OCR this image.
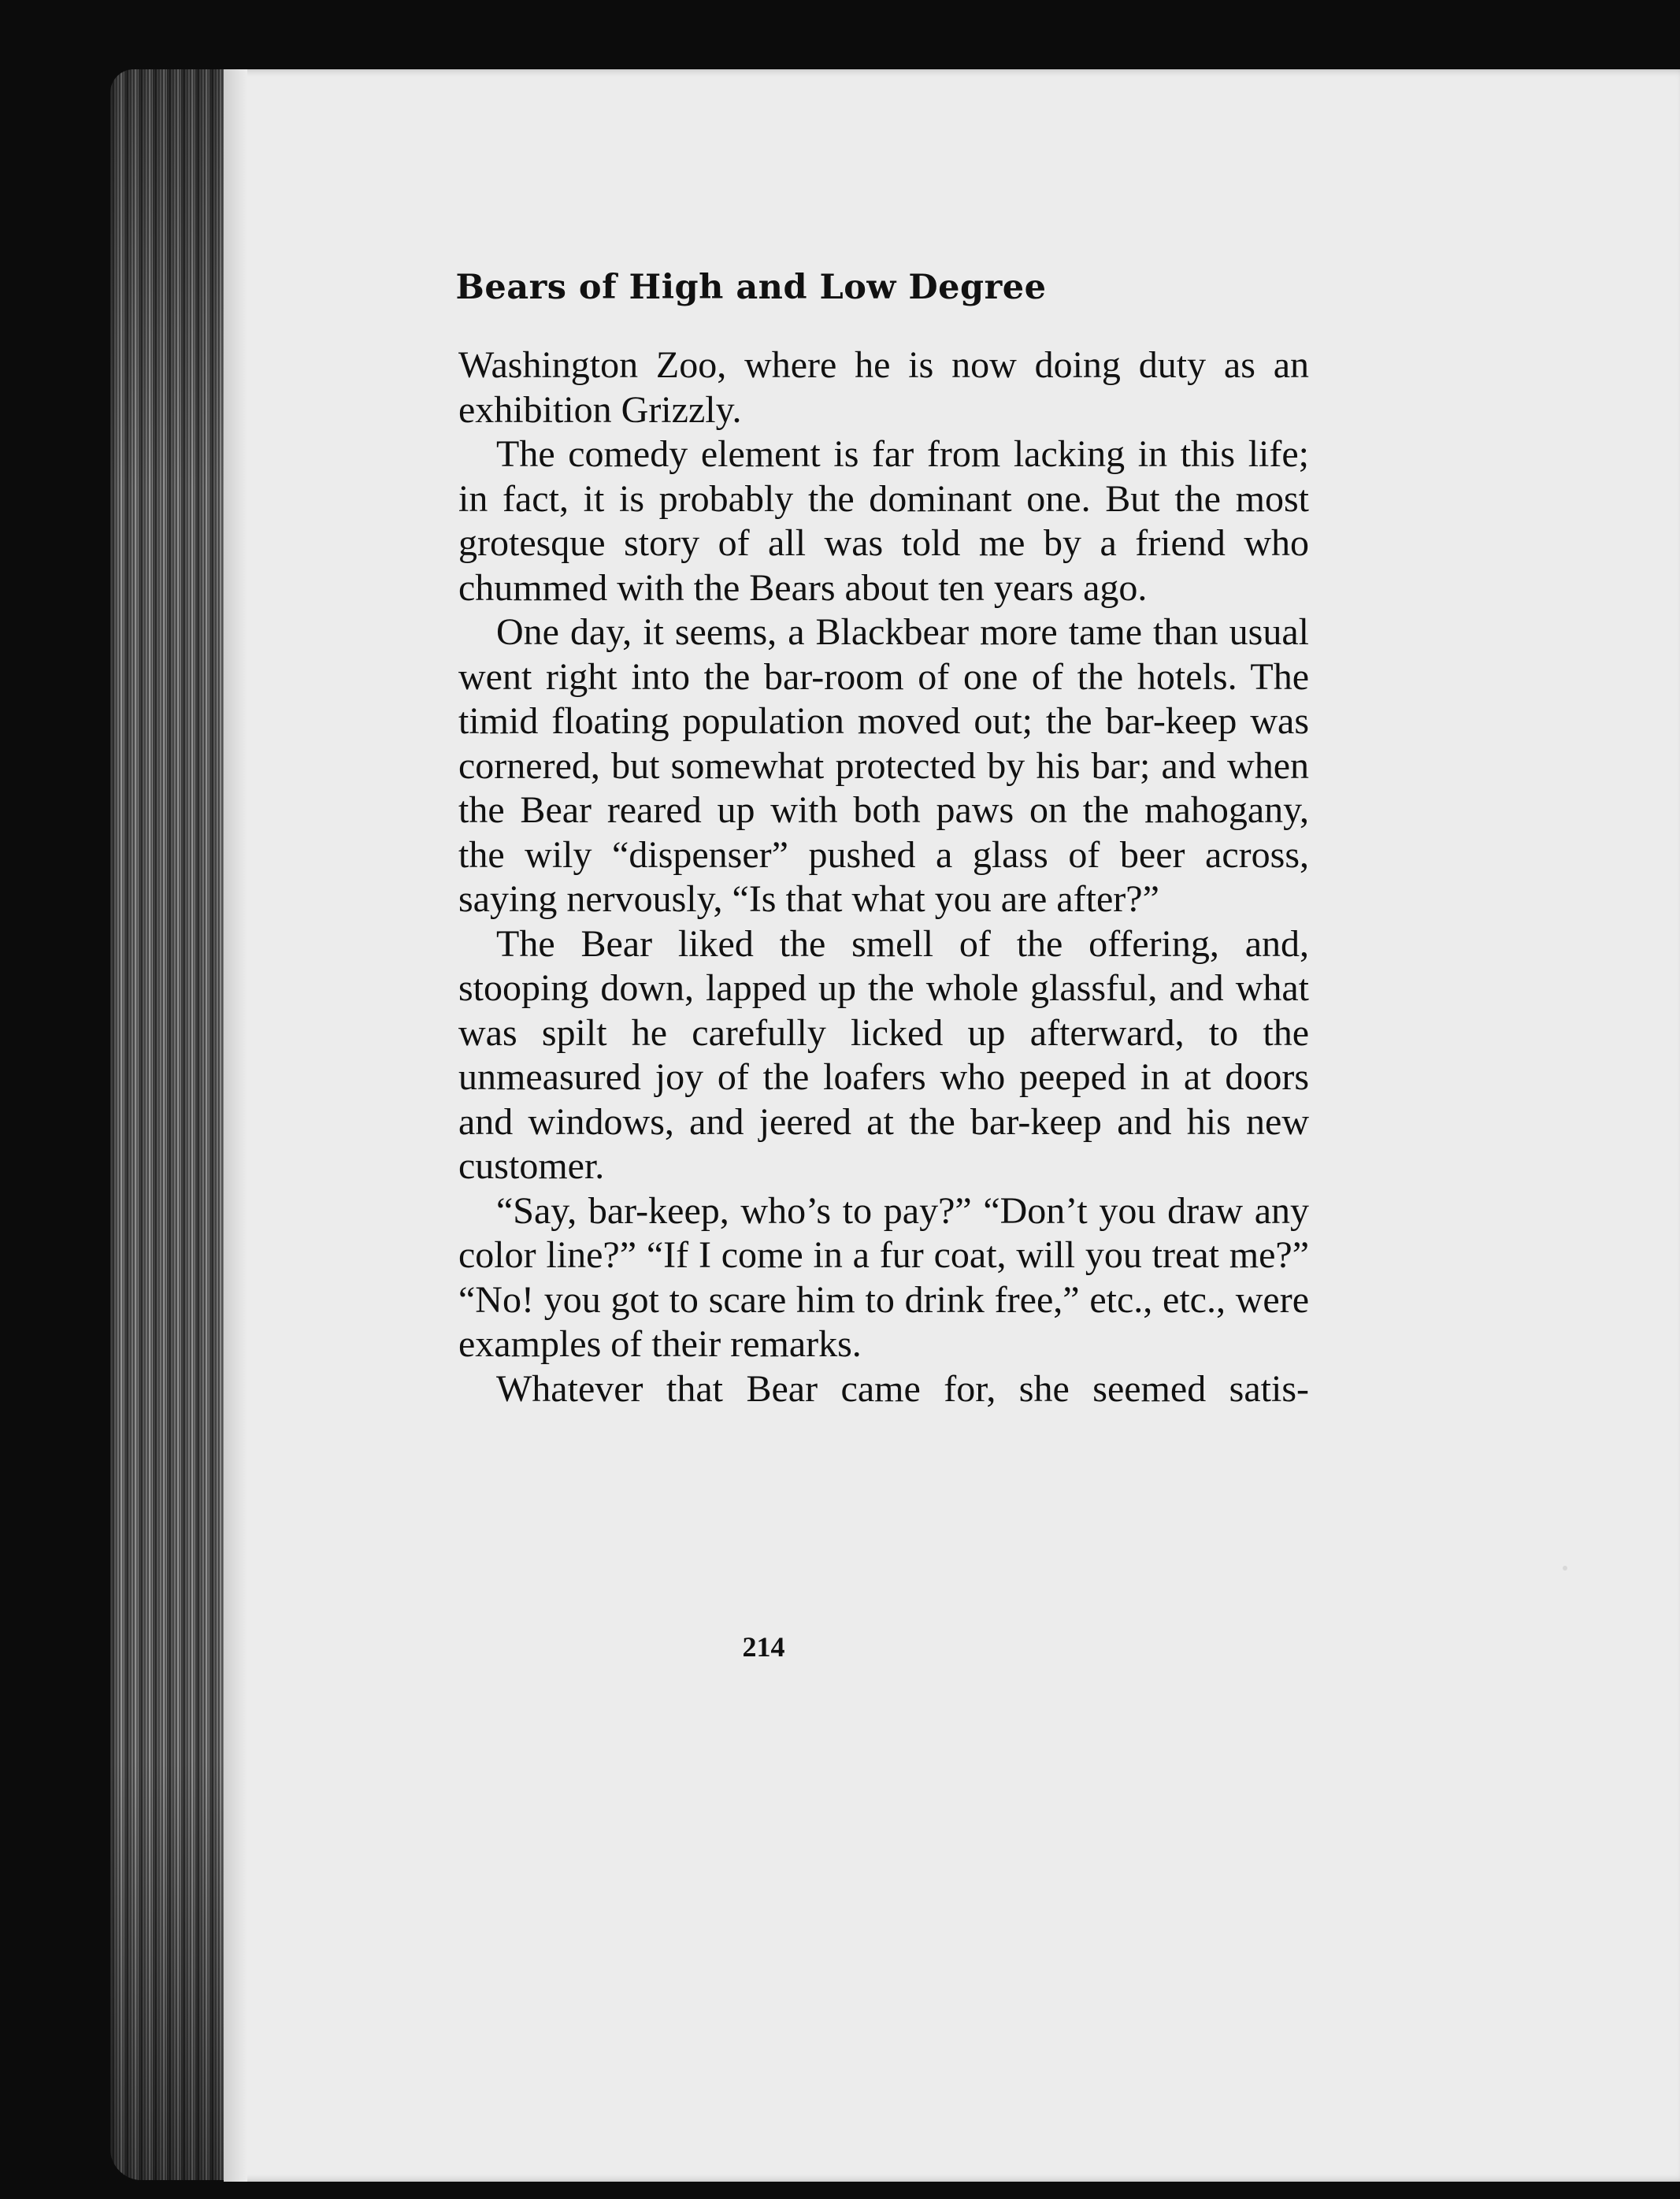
Bears of High and Low Degree

Washington Zoo, where he is now doing duty as an exhibition Grizzly.

The comedy element is far from lacking in this life; in fact, it is probably the dominant one. But the most grotesque story of all was told me by a friend who chummed with the Bears about ten years ago.

One day, it seems, a Blackbear more tame than usual went right into the bar-room of one of the hotels. The timid floating population moved out; the bar-keep was cornered, but somewhat protected by his bar; and when the Bear reared up with both paws on the mahogany, the wily “dispenser” pushed a glass of beer across, saying nervously, “Is that what you are after?”

The Bear liked the smell of the offering, and, stooping down, lapped up the whole glassful, and what was spilt he carefully licked up afterward, to the unmeasured joy of the loafers who peeped in at doors and windows, and jeered at the bar-keep and his new customer.

“Say, bar-keep, who’s to pay?” “Don’t you draw any color line?” “If I come in a fur coat, will you treat me?” “No! you got to scare him to drink free,” etc., etc., were examples of their remarks.

Whatever that Bear came for, she seemed satis-

214
